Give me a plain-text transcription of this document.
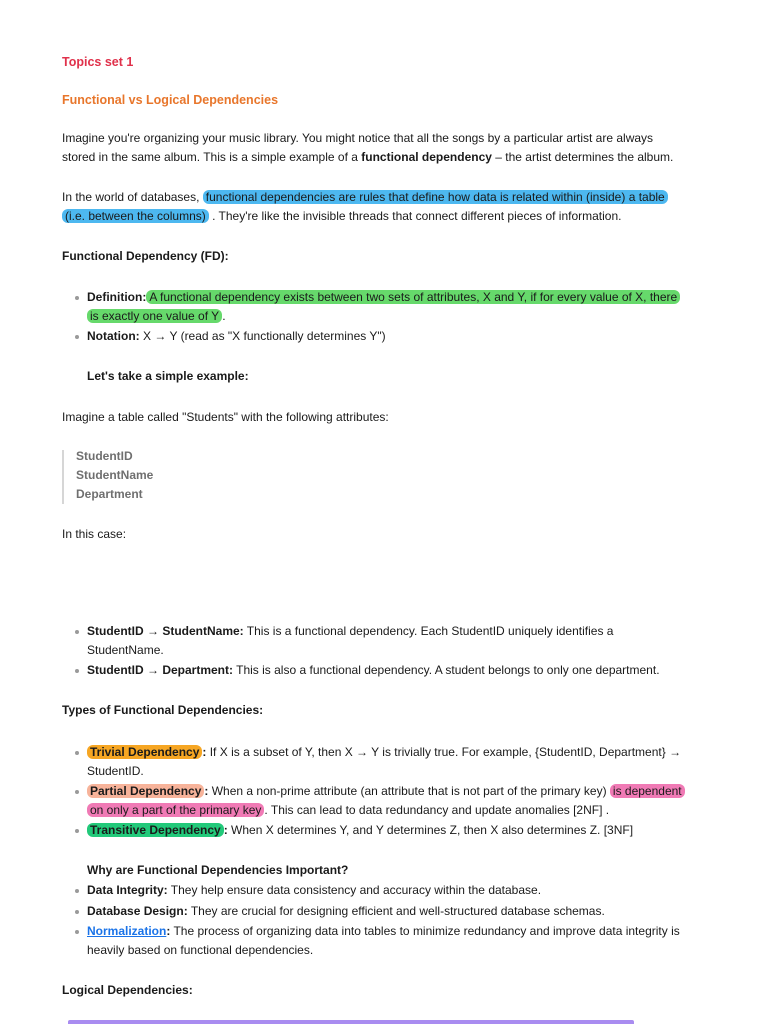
Topics set 1
Functional vs Logical Dependencies
Imagine you're organizing your music library. You might notice that all the songs by a particular artist are always
stored in the same album. This is a simple example of a functional dependency – the artist determines the album.
In the world of databases, functional dependencies are rules that define how data is related within (inside) a table
(i.e. between the columns) . They're like the invisible threads that connect different pieces of information.
Functional Dependency (FD):
Definition: A functional dependency exists between two sets of attributes, X and Y, if for every value of X, there
is exactly one value of Y .
Notation: X → Y (read as "X functionally determines Y")
Let's take a simple example:
Imagine a table called "Students" with the following attributes:
StudentID
StudentName
Department
In this case:
StudentID → StudentName: This is a functional dependency. Each StudentID uniquely identifies a
StudentName.
StudentID → Department: This is also a functional dependency. A student belongs to only one department.
Types of Functional Dependencies:
Trivial Dependency : If X is a subset of Y, then X → Y is trivially true. For example, {StudentID, Department} →
StudentID.
Partial Dependency : When a non-prime attribute (an attribute that is not part of the primary key) is dependent
on only a part of the primary key . This can lead to data redundancy and update anomalies [2NF] .
Transitive Dependency : When X determines Y, and Y determines Z, then X also determines Z. [3NF]
Why are Functional Dependencies Important?
Data Integrity: They help ensure data consistency and accuracy within the database.
Database Design: They are crucial for designing efficient and well-structured database schemas.
Normalization: The process of organizing data into tables to minimize redundancy and improve data integrity is
heavily based on functional dependencies.
Logical Dependencies:
